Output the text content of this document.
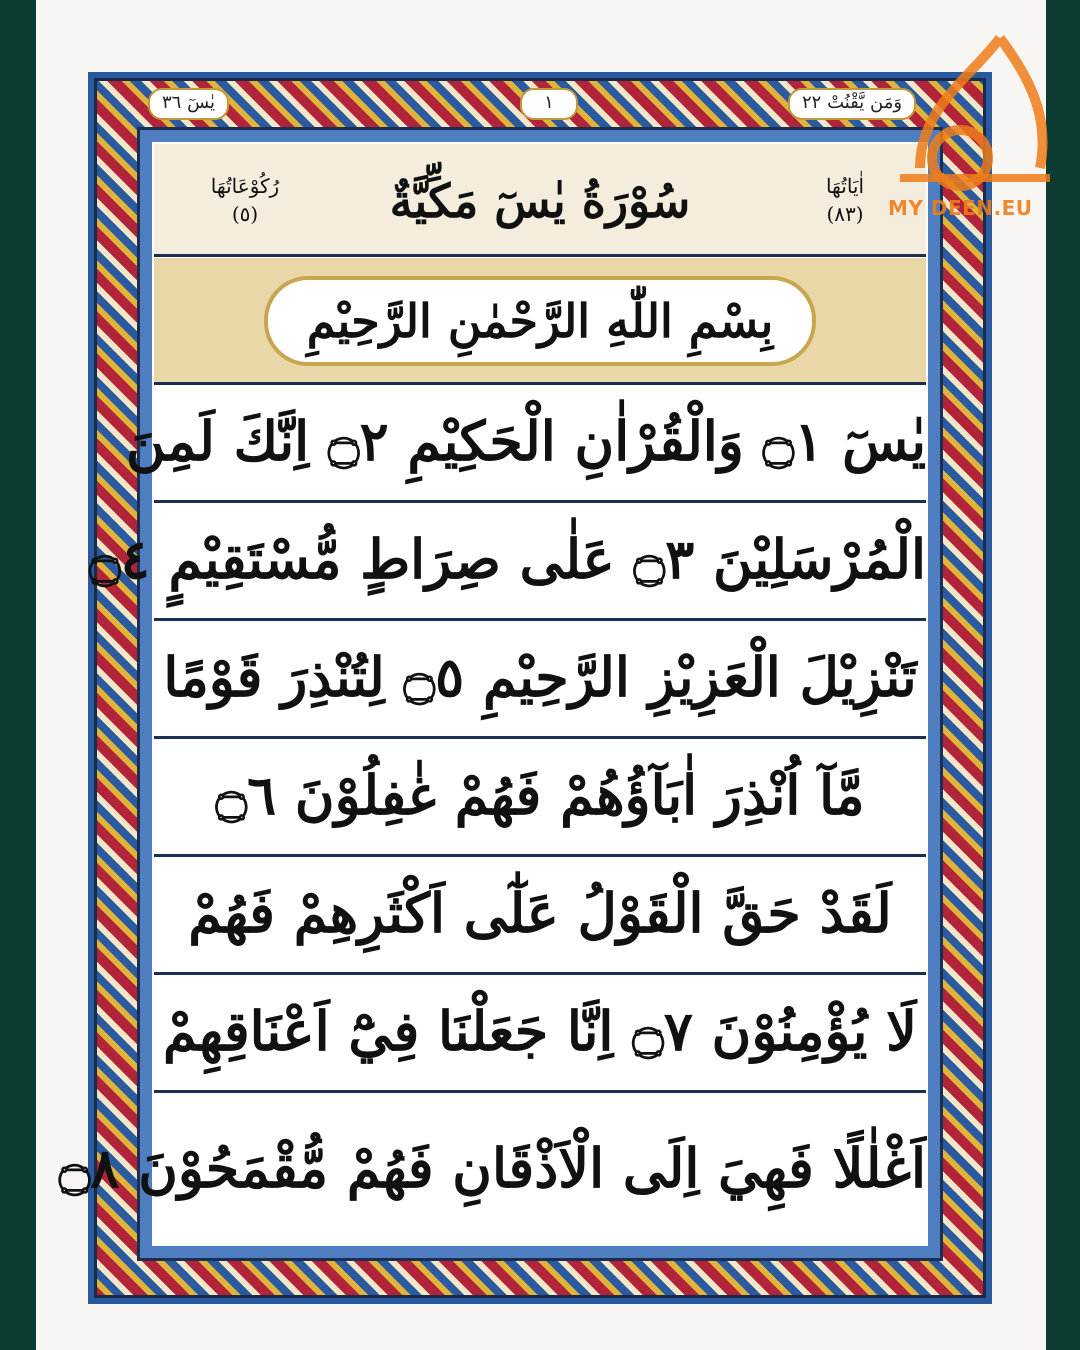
يٰسٓ ٣٦	١	وَمَن يَّقْنُتْ ٢٢
رُكُوْعَاتُهَا
(٥)	سُوْرَةُ يٰسٓ مَكِّيَّةٌ	اٰيَاتُهَا
(٨٣)
بِسْمِ اللّٰهِ الرَّحْمٰنِ الرَّحِيْمِ
يٰسٓ ۝١ وَالْقُرْاٰنِ الْحَكِيْمِ ۝٢ اِنَّكَ لَمِنَ
الْمُرْسَلِيْنَ ۝٣ عَلٰى صِرَاطٍ مُّسْتَقِيْمٍ ۝٤
تَنْزِيْلَ الْعَزِيْزِ الرَّحِيْمِ ۝٥ لِتُنْذِرَ قَوْمًا
مَّآ اُنْذِرَ اٰبَآؤُهُمْ فَهُمْ غٰفِلُوْنَ ۝٦
لَقَدْ حَقَّ الْقَوْلُ عَلٰٓى اَكْثَرِهِمْ فَهُمْ
لَا يُؤْمِنُوْنَ ۝٧ اِنَّا جَعَلْنَا فِيْٓ اَعْنَاقِهِمْ
اَغْلٰلًا فَهِيَ اِلَى الْاَذْقَانِ فَهُمْ مُّقْمَحُوْنَ ۝٨
MY DEEN.EU
